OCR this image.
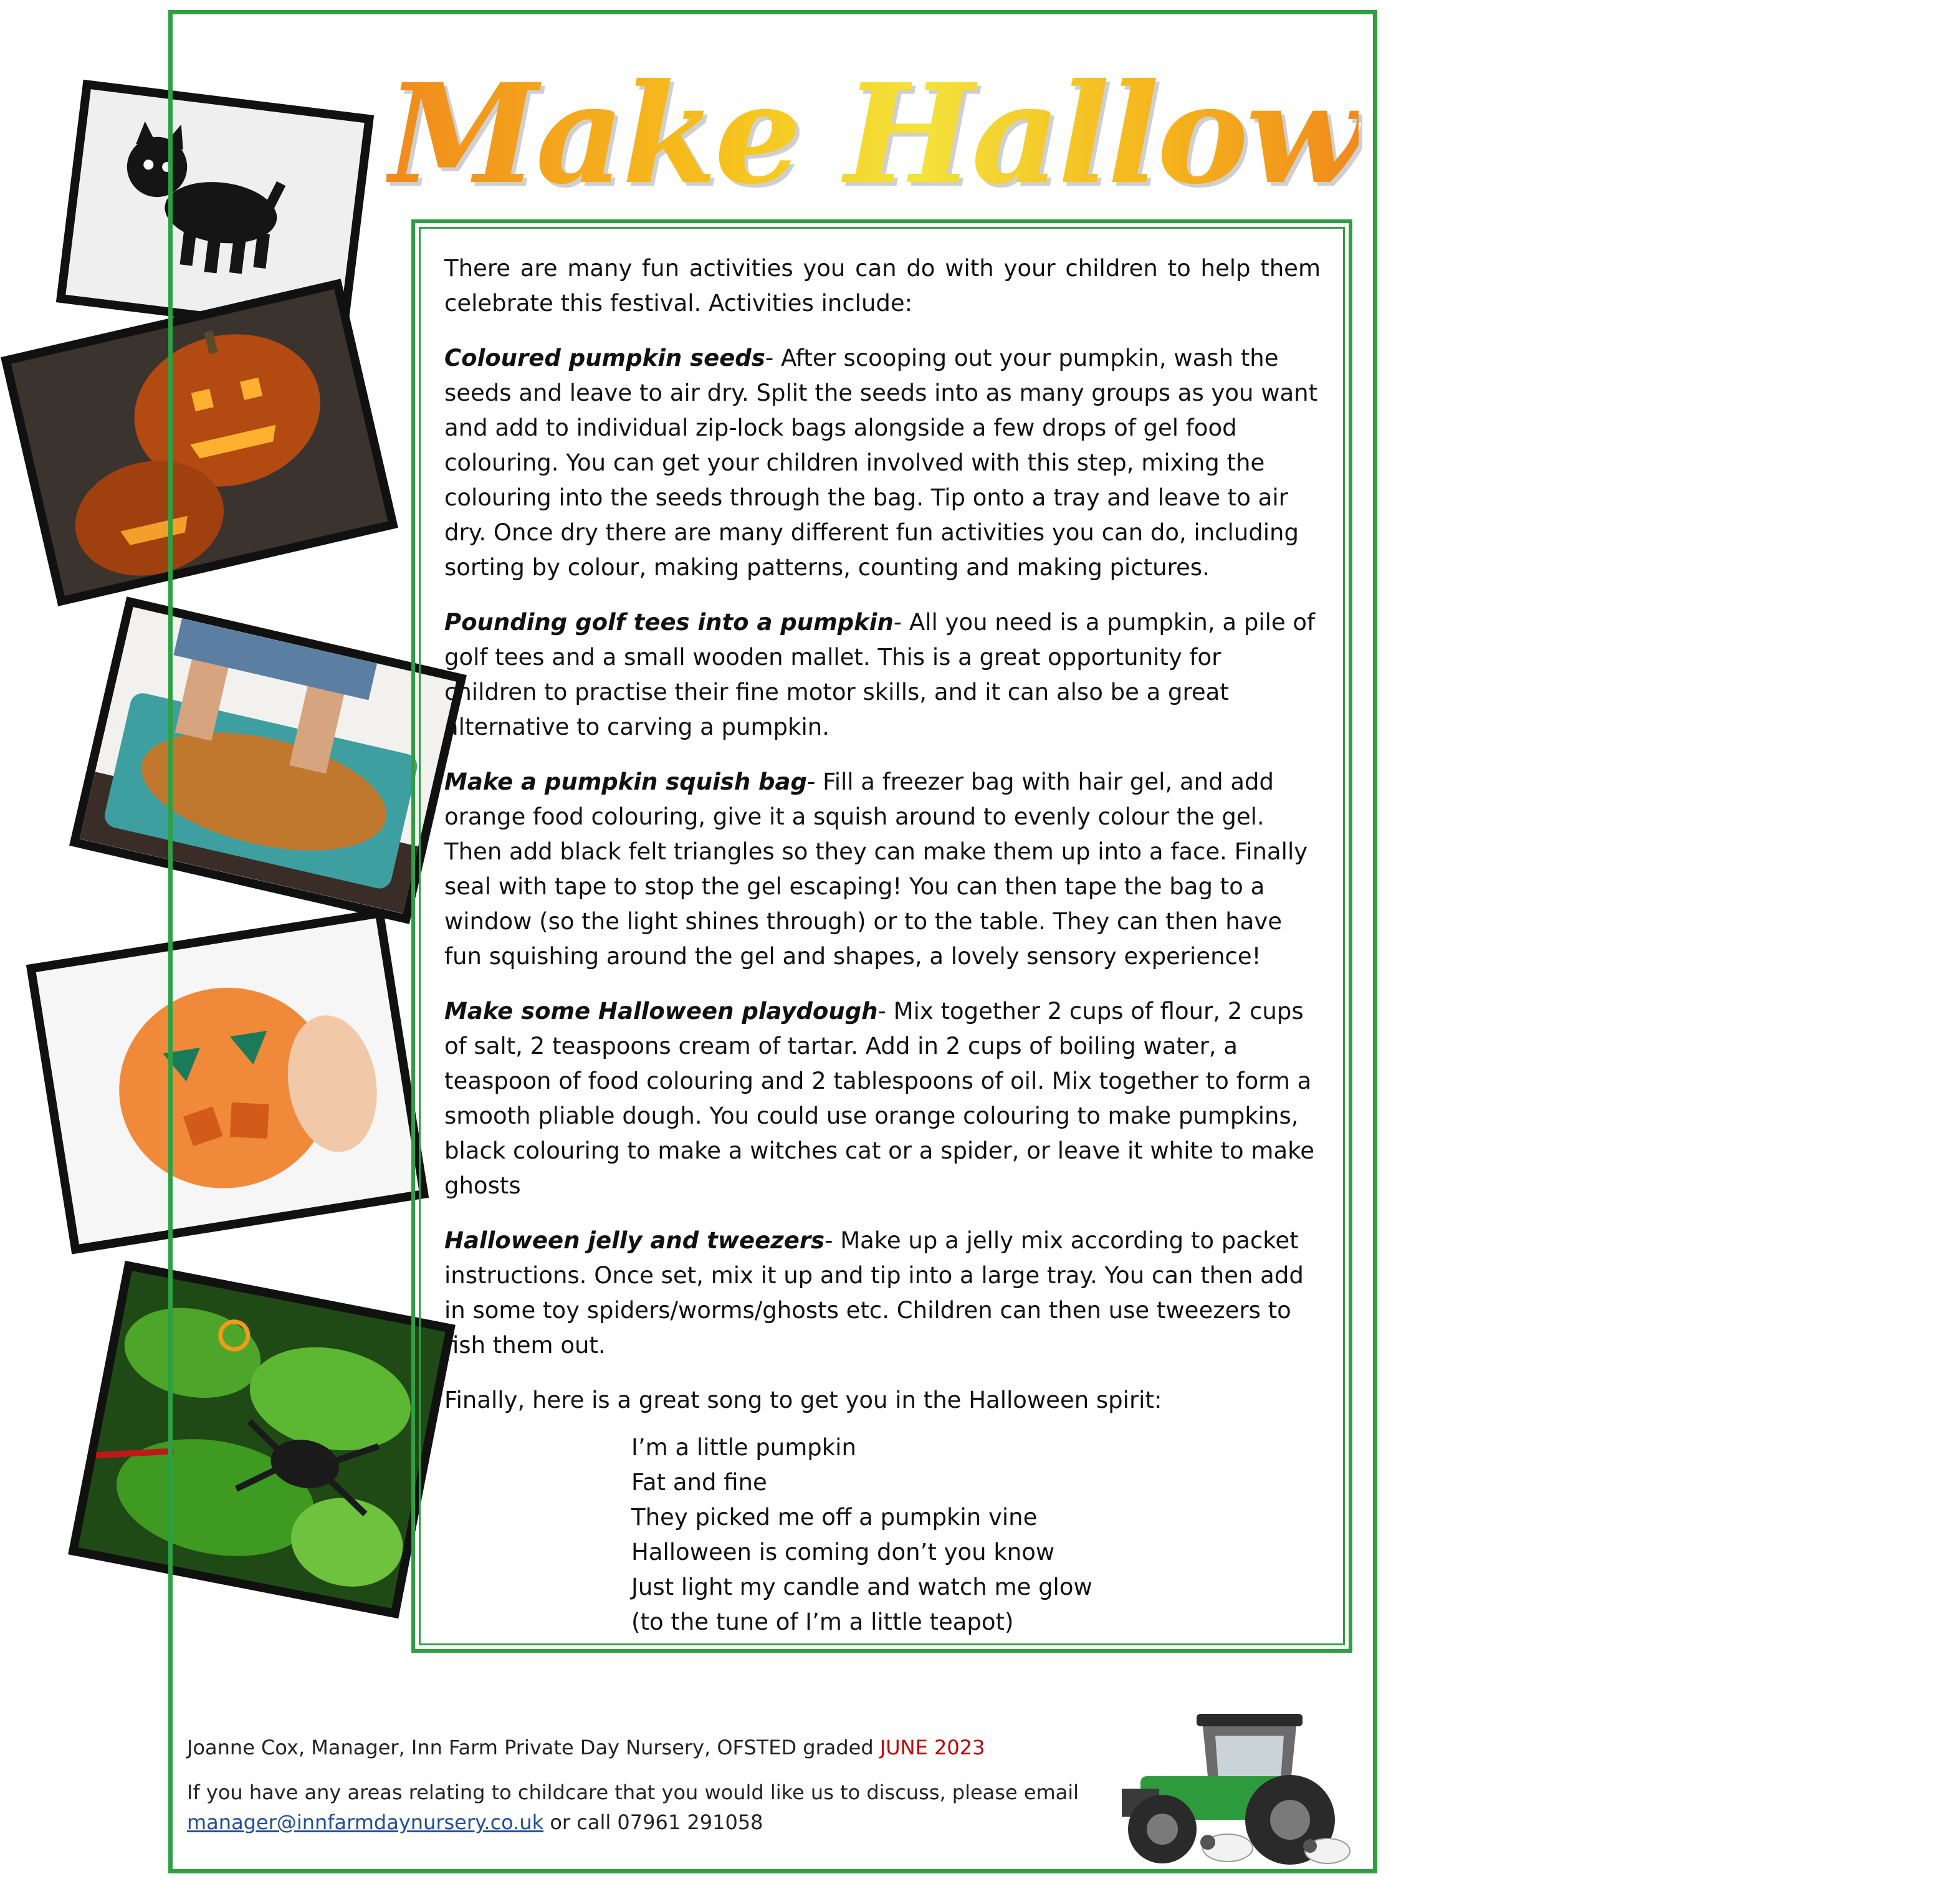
Make Halloween Fun

There are many fun activities you can do with your children to help them celebrate this festival. Activities include:

Coloured pumpkin seeds- After scooping out your pumpkin, wash the seeds and leave to air dry. Split the seeds into as many groups as you want and add to individual zip-lock bags alongside a few drops of gel food colouring. You can get your children involved with this step, mixing the colouring into the seeds through the bag. Tip onto a tray and leave to air dry. Once dry there are many different fun activities you can do, including sorting by colour, making patterns, counting and making pictures.

Pounding golf tees into a pumpkin- All you need is a pumpkin, a pile of golf tees and a small wooden mallet. This is a great opportunity for children to practise their fine motor skills, and it can also be a great alternative to carving a pumpkin.

Make a pumpkin squish bag- Fill a freezer bag with hair gel, and add orange food colouring, give it a squish around to evenly colour the gel. Then add black felt triangles so they can make them up into a face. Finally seal with tape to stop the gel escaping! You can then tape the bag to a window (so the light shines through) or to the table. They can then have fun squishing around the gel and shapes, a lovely sensory experience!

Make some Halloween playdough- Mix together 2 cups of flour, 2 cups of salt, 2 teaspoons cream of tartar. Add in 2 cups of boiling water, a teaspoon of food colouring and 2 tablespoons of oil. Mix together to form a smooth pliable dough. You could use orange colouring to make pumpkins, black colouring to make a witches cat or a spider, or leave it white to make ghosts

Halloween jelly and tweezers- Make up a jelly mix according to packet instructions. Once set, mix it up and tip into a large tray. You can then add in some toy spiders/worms/ghosts etc. Children can then use tweezers to fish them out.

Finally, here is a great song to get you in the Halloween spirit:

I’m a little pumpkin
Fat and fine
They picked me off a pumpkin vine
Halloween is coming don’t you know
Just light my candle and watch me glow
(to the tune of I’m a little teapot)
Joanne Cox, Manager, Inn Farm Private Day Nursery, OFSTED graded JUNE 2023
If you have any areas relating to childcare that you would like us to discuss, please email
manager@innfarmdaynursery.co.uk or call 07961 291058
